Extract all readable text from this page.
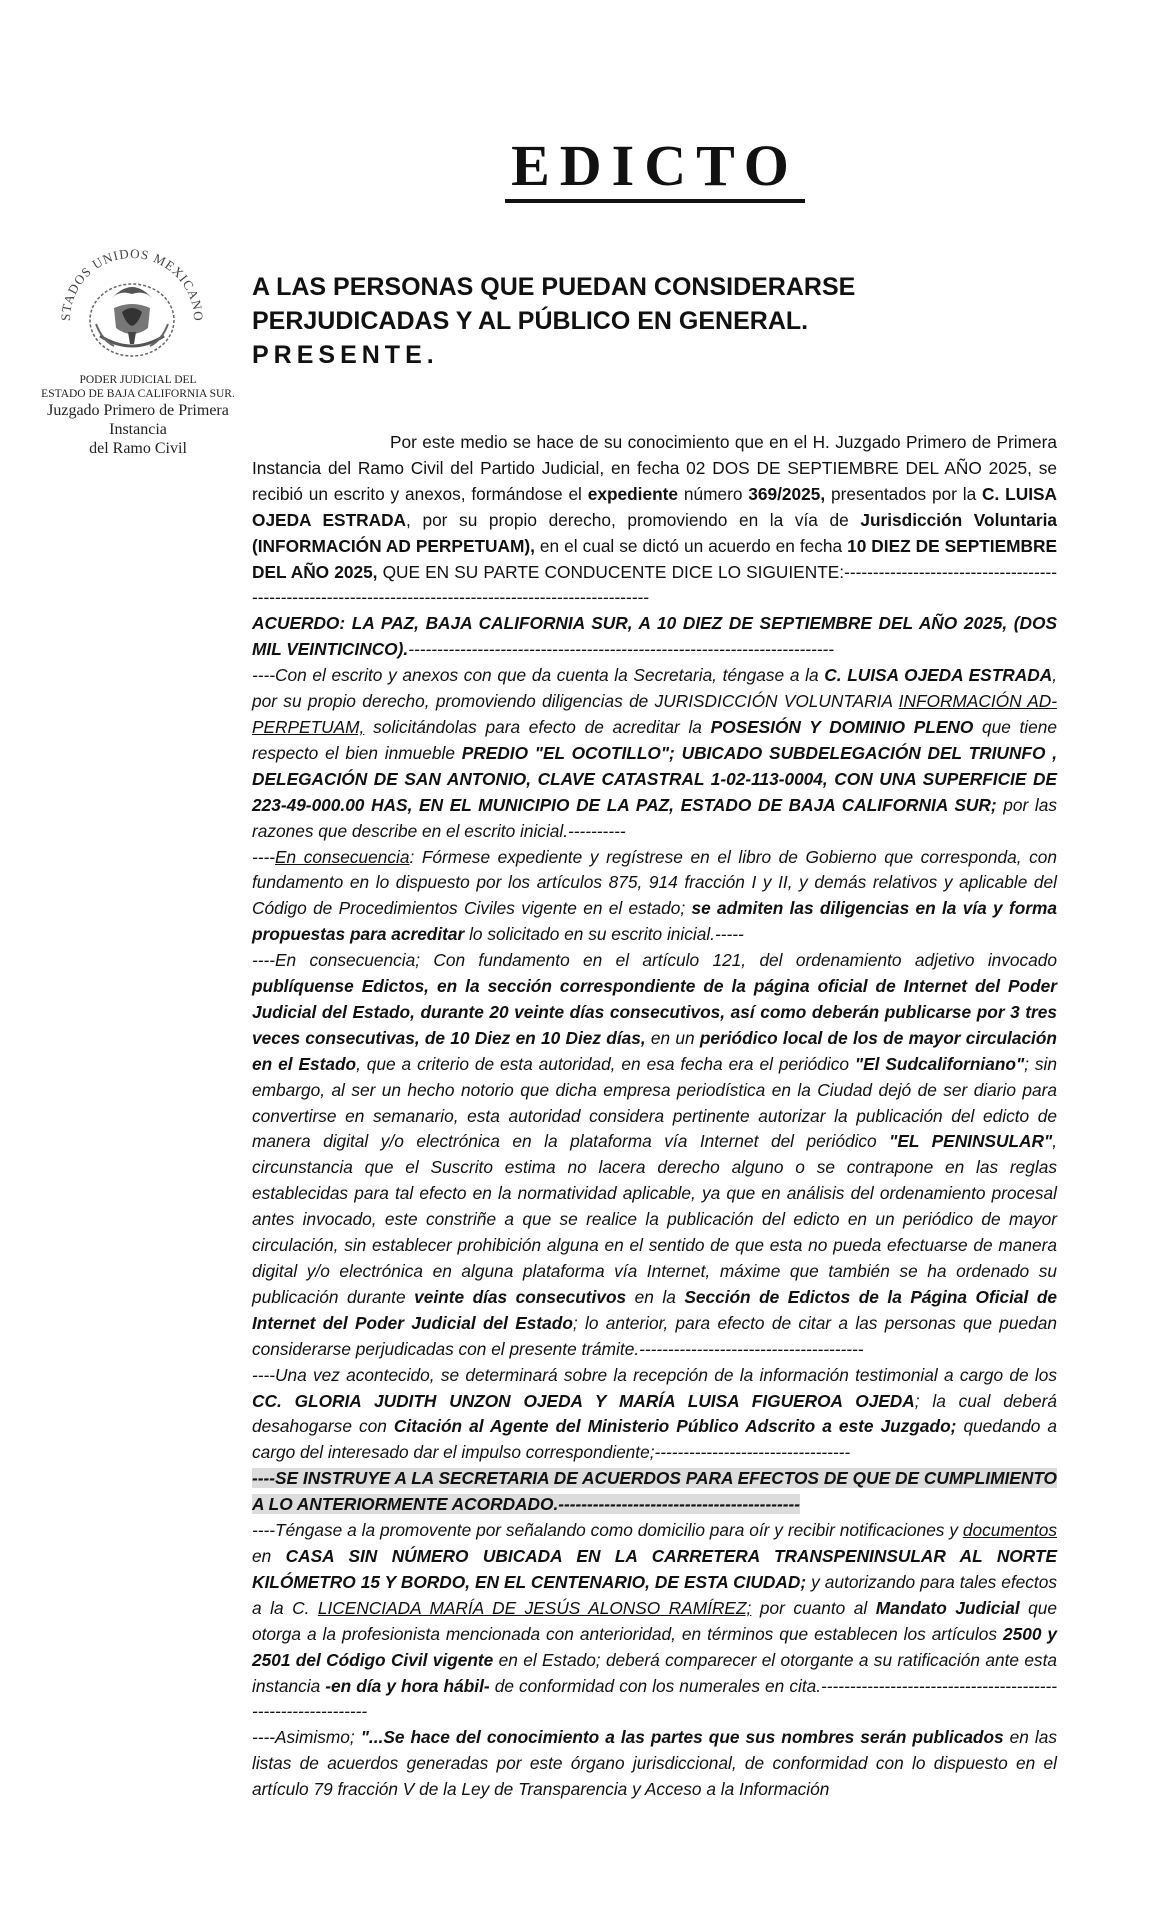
EDICTO
STADOS UNIDOS MEXICANO
PODER JUDICIAL DEL
ESTADO DE BAJA CALIFORNIA SUR.
Juzgado Primero de Primera
Instancia
del Ramo Civil
A LAS PERSONAS QUE PUEDAN CONSIDERARSE
PERJUDICADAS Y AL PÚBLICO EN GENERAL.
PRESENTE.

Por este medio se hace de su conocimiento que en el H. Juzgado Primero de Primera Instancia del Ramo Civil del Partido Judicial, en fecha 02 DOS DE SEPTIEMBRE DEL AÑO 2025, se recibió un escrito y anexos, formándose el expediente número 369/2025, presentados por la C. LUISA OJEDA ESTRADA, por su propio derecho, promoviendo en la vía de Jurisdicción Voluntaria (INFORMACIÓN AD PERPETUAM), en el cual se dictó un acuerdo en fecha 10 DIEZ DE SEPTIEMBRE DEL AÑO 2025, QUE EN SU PARTE CONDUCENTE DICE LO SIGUIENTE:----------------------------------------------------------------------------------------------------------

ACUERDO: LA PAZ, BAJA CALIFORNIA SUR, A 10 DIEZ DE SEPTIEMBRE DEL AÑO 2025, (DOS MIL VEINTICINCO).--------------------------------------------------------------------------

----Con el escrito y anexos con que da cuenta la Secretaria, téngase a la C. LUISA OJEDA ESTRADA, por su propio derecho, promoviendo diligencias de JURISDICCIÓN VOLUNTARIA INFORMACIÓN AD-PERPETUAM, solicitándolas para efecto de acreditar la POSESIÓN Y DOMINIO PLENO que tiene respecto el bien inmueble PREDIO "EL OCOTILLO"; UBICADO SUBDELEGACIÓN DEL TRIUNFO , DELEGACIÓN DE SAN ANTONIO, CLAVE CATASTRAL 1-02-113-0004, CON UNA SUPERFICIE DE 223-49-000.00 HAS, EN EL MUNICIPIO DE LA PAZ, ESTADO DE BAJA CALIFORNIA SUR; por las razones que describe en el escrito inicial.----------

----En consecuencia: Fórmese expediente y regístrese en el libro de Gobierno que corresponda, con fundamento en lo dispuesto por los artículos 875, 914 fracción I y II, y demás relativos y aplicable del Código de Procedimientos Civiles vigente en el estado; se admiten las diligencias en la vía y forma propuestas para acreditar lo solicitado en su escrito inicial.-----

----En consecuencia; Con fundamento en el artículo 121, del ordenamiento adjetivo invocado publíquense Edictos, en la sección correspondiente de la página oficial de Internet del Poder Judicial del Estado, durante 20 veinte días consecutivos, así como deberán publicarse por 3 tres veces consecutivas, de 10 Diez en 10 Diez días, en un periódico local de los de mayor circulación en el Estado, que a criterio de esta autoridad, en esa fecha era el periódico "El Sudcaliforniano"; sin embargo, al ser un hecho notorio que dicha empresa periodística en la Ciudad dejó de ser diario para convertirse en semanario, esta autoridad considera pertinente autorizar la publicación del edicto de manera digital y/o electrónica en la plataforma vía Internet del periódico "EL PENINSULAR", circunstancia que el Suscrito estima no lacera derecho alguno o se contrapone en las reglas establecidas para tal efecto en la normatividad aplicable, ya que en análisis del ordenamiento procesal antes invocado, este constriñe a que se realice la publicación del edicto en un periódico de mayor circulación, sin establecer prohibición alguna en el sentido de que esta no pueda efectuarse de manera digital y/o electrónica en alguna plataforma vía Internet, máxime que también se ha ordenado su publicación durante veinte días consecutivos en la Sección de Edictos de la Página Oficial de Internet del Poder Judicial del Estado; lo anterior, para efecto de citar a las personas que puedan considerarse perjudicadas con el presente trámite.---------------------------------------

----Una vez acontecido, se determinará sobre la recepción de la información testimonial a cargo de los CC. GLORIA JUDITH UNZON OJEDA Y MARÍA LUISA FIGUEROA OJEDA; la cual deberá desahogarse con Citación al Agente del Ministerio Público Adscrito a este Juzgado; quedando a cargo del interesado dar el impulso correspondiente;----------------------------------

----SE INSTRUYE A LA SECRETARIA DE ACUERDOS PARA EFECTOS DE QUE DE CUMPLIMIENTO A LO ANTERIORMENTE ACORDADO.------------------------------------------

----Téngase a la promovente por señalando como domicilio para oír y recibir notificaciones y documentos en CASA SIN NÚMERO UBICADA EN LA CARRETERA TRANSPENINSULAR AL NORTE KILÓMETRO 15 Y BORDO, EN EL CENTENARIO, DE ESTA CIUDAD; y autorizando para tales efectos a la C. LICENCIADA MARÍA DE JESÚS ALONSO RAMÍREZ; por cuanto al Mandato Judicial que otorga a la profesionista mencionada con anterioridad, en términos que establecen los artículos 2500 y 2501 del Código Civil vigente en el Estado; deberá comparecer el otorgante a su ratificación ante esta instancia -en día y hora hábil- de conformidad con los numerales en cita.-------------------------------------------------------------

----Asimismo; "...Se hace del conocimiento a las partes que sus nombres serán publicados en las listas de acuerdos generadas por este órgano jurisdiccional, de conformidad con lo dispuesto en el artículo 79 fracción V de la Ley de Transparencia y Acceso a la Información
